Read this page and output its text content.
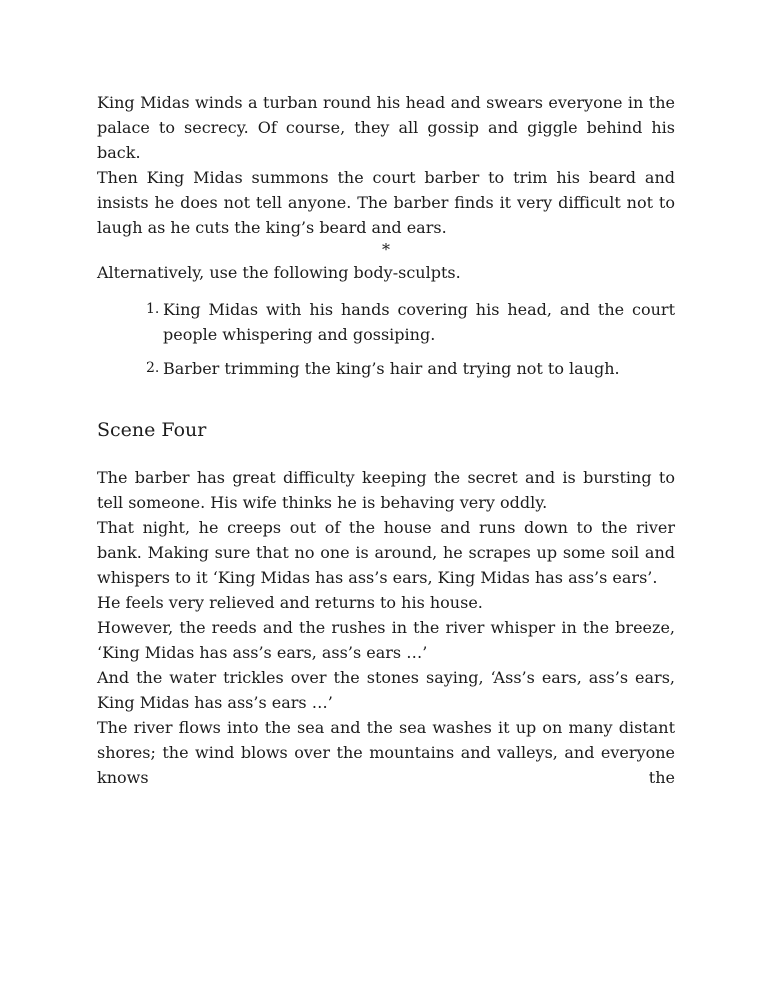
King Midas winds a turban round his head and swears everyone in the palace to secrecy. Of course, they all gossip and giggle behind his back.

Then King Midas summons the court barber to trim his beard and insists he does not tell anyone. The barber finds it very difficult not to laugh as he cuts the king’s beard and ears.

*

Alternatively, use the following body-sculpts.

1. King Midas with his hands covering his head, and the court people whispering and gossiping.
2. Barber trimming the king’s hair and trying not to laugh.
Scene Four

The barber has great difficulty keeping the secret and is bursting to tell someone. His wife thinks he is behaving very oddly.

That night, he creeps out of the house and runs down to the river bank. Making sure that no one is around, he scrapes up some soil and whispers to it ‘King Midas has ass’s ears, King Midas has ass’s ears’.

He feels very relieved and returns to his house.

However, the reeds and the rushes in the river whisper in the breeze, ‘King Midas has ass’s ears, ass’s ears …’

And the water trickles over the stones saying, ‘Ass’s ears, ass’s ears, King Midas has ass’s ears …’

The river flows into the sea and the sea washes it up on many distant shores; the wind blows over the mountains and valleys, and everyone knows the
